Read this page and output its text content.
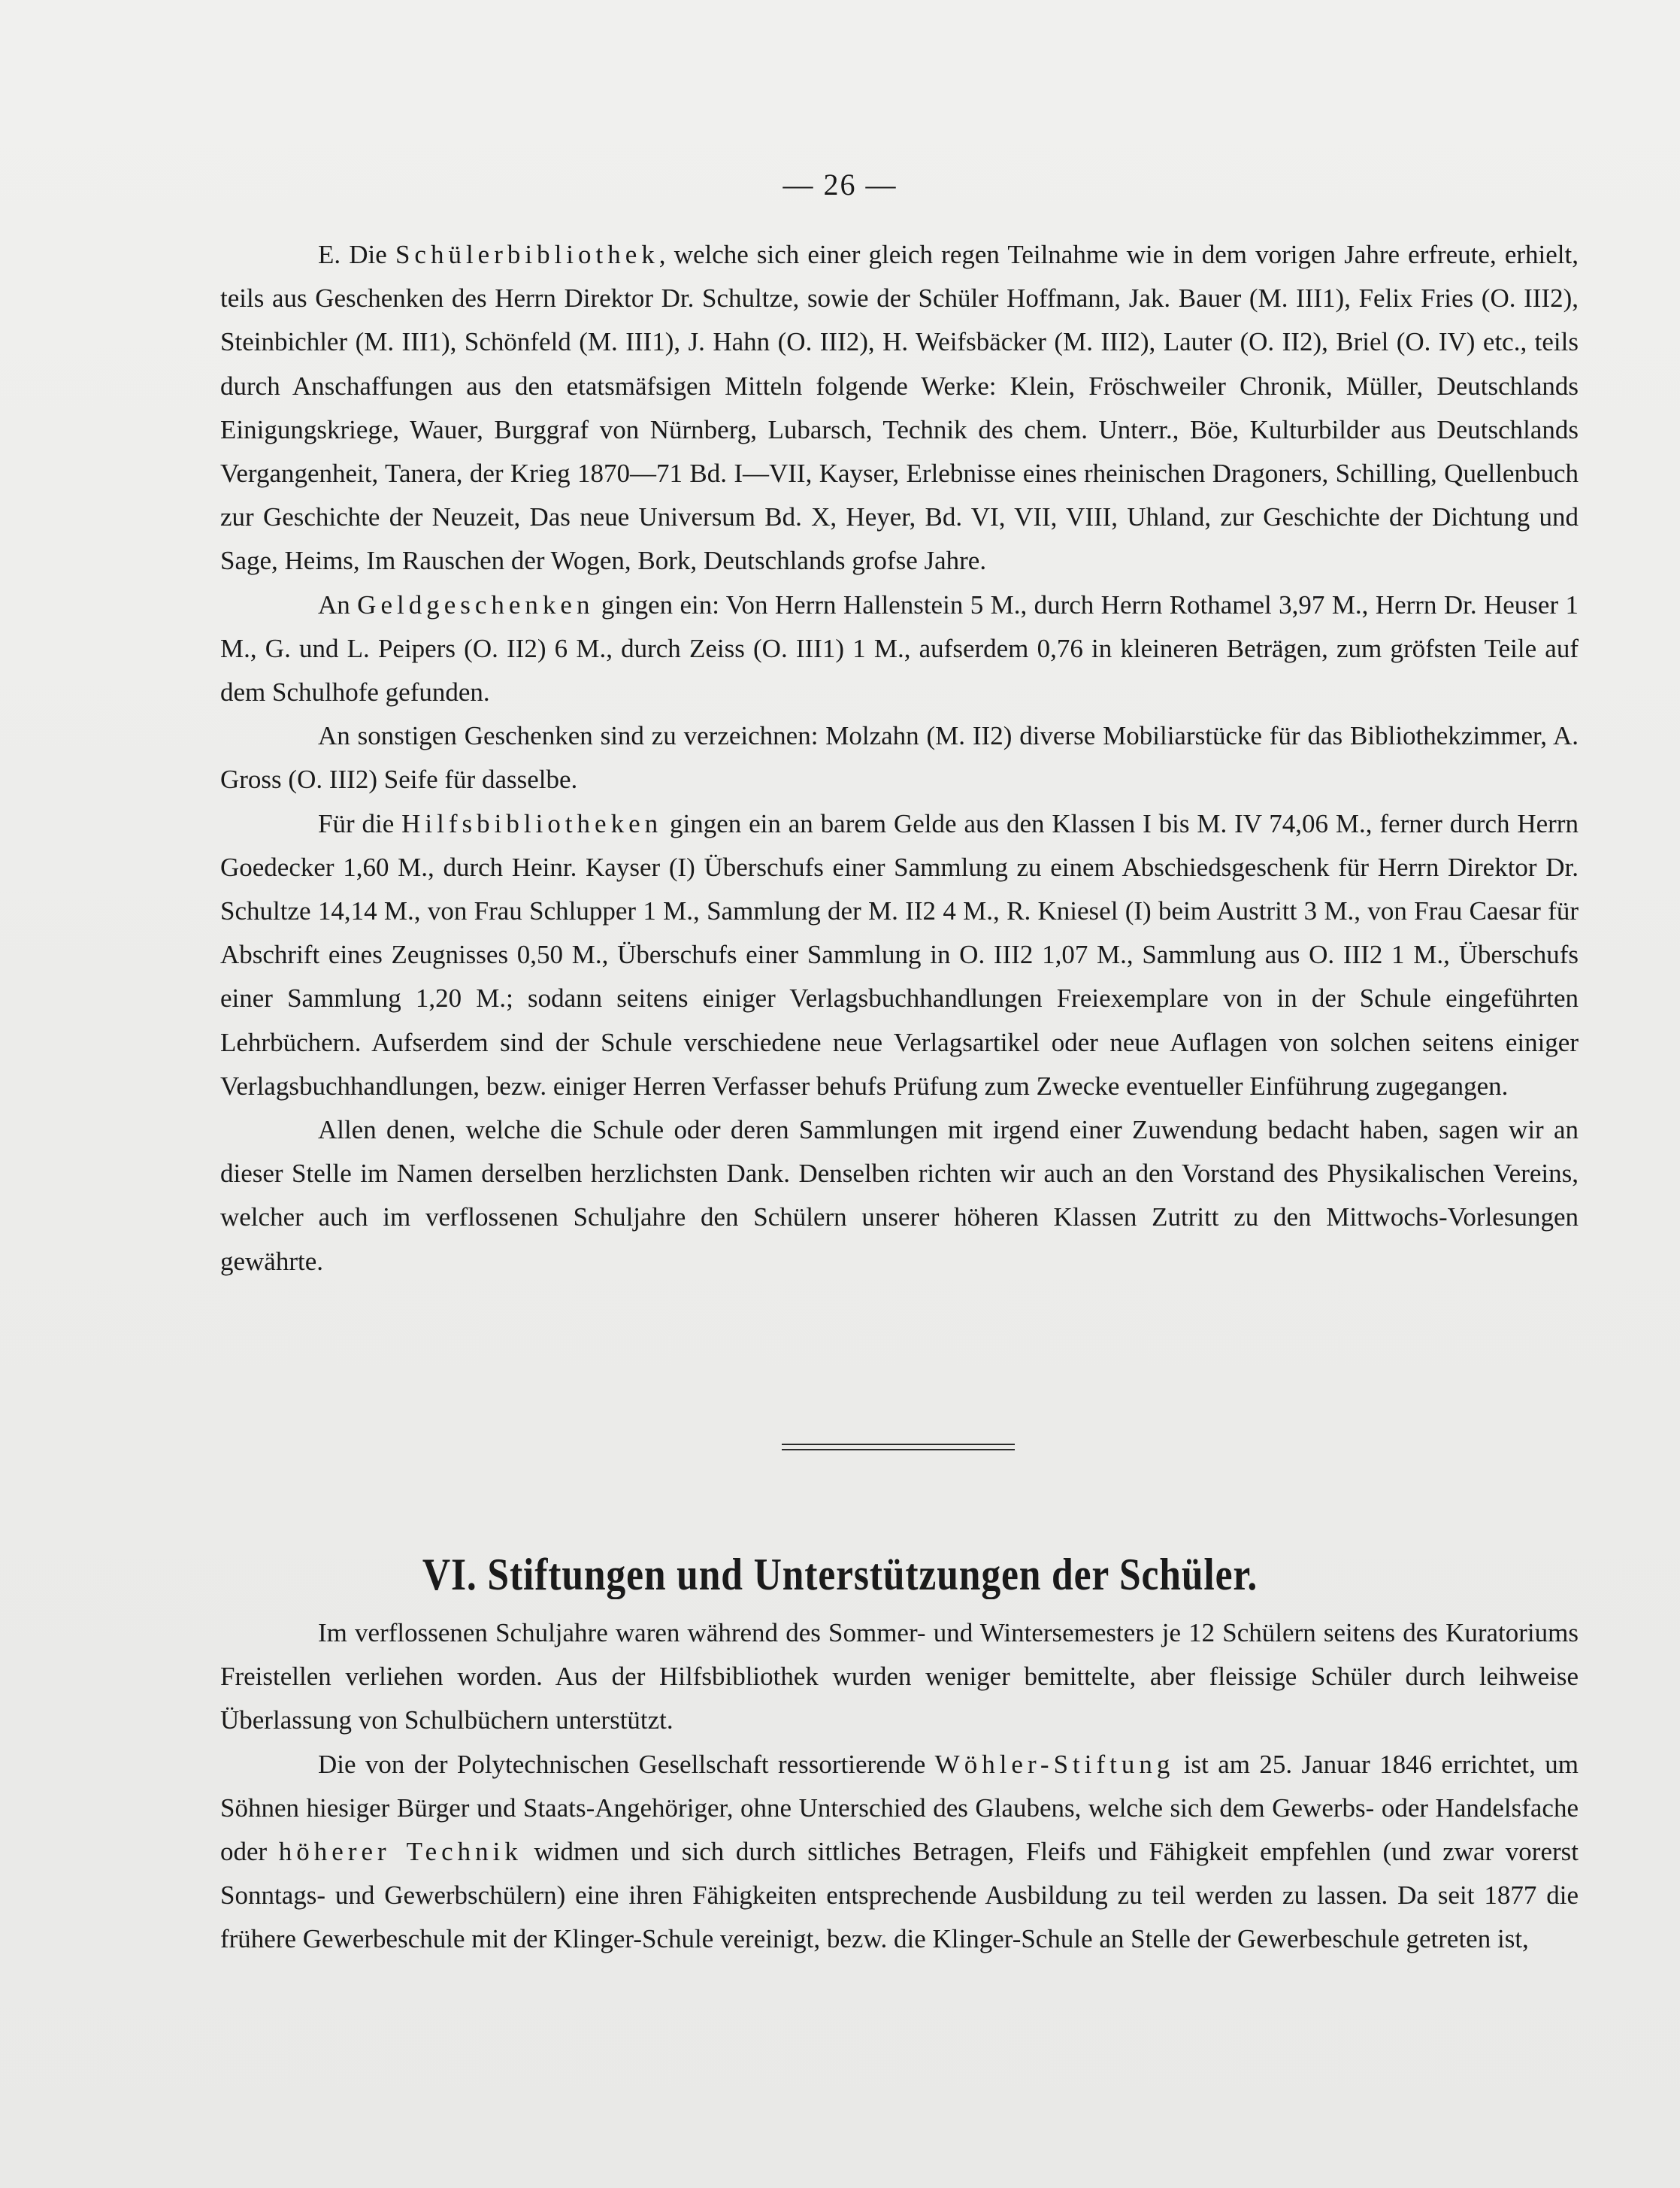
— 26 —

E. Die Schülerbibliothek, welche sich einer gleich regen Teilnahme wie in dem vorigen Jahre erfreute, erhielt, teils aus Geschenken des Herrn Direktor Dr. Schultze, sowie der Schüler Hoffmann, Jak. Bauer (M. III1), Felix Fries (O. III2), Steinbichler (M. III1), Schönfeld (M. III1), J. Hahn (O. III2), H. Weifsbäcker (M. III2), Lauter (O. II2), Briel (O. IV) etc., teils durch Anschaffungen aus den etatsmäfsigen Mitteln folgende Werke: Klein, Fröschweiler Chronik, Müller, Deutschlands Einigungskriege, Wauer, Burggraf von Nürnberg, Lubarsch, Technik des chem. Unterr., Böe, Kulturbilder aus Deutschlands Vergangenheit, Tanera, der Krieg 1870—71 Bd. I—VII, Kayser, Erlebnisse eines rheinischen Dragoners, Schilling, Quellenbuch zur Geschichte der Neuzeit, Das neue Universum Bd. X, Heyer, Bd. VI, VII, VIII, Uhland, zur Geschichte der Dichtung und Sage, Heims, Im Rauschen der Wogen, Bork, Deutschlands grofse Jahre.

An Geldgeschenken gingen ein: Von Herrn Hallenstein 5 M., durch Herrn Rothamel 3,97 M., Herrn Dr. Heuser 1 M., G. und L. Peipers (O. II2) 6 M., durch Zeiss (O. III1) 1 M., aufserdem 0,76 in kleineren Beträgen, zum gröfsten Teile auf dem Schulhofe gefunden.

An sonstigen Geschenken sind zu verzeichnen: Molzahn (M. II2) diverse Mobiliarstücke für das Bibliothekzimmer, A. Gross (O. III2) Seife für dasselbe.

Für die Hilfsbibliotheken gingen ein an barem Gelde aus den Klassen I bis M. IV 74,06 M., ferner durch Herrn Goedecker 1,60 M., durch Heinr. Kayser (I) Überschufs einer Sammlung zu einem Abschiedsgeschenk für Herrn Direktor Dr. Schultze 14,14 M., von Frau Schlupper 1 M., Sammlung der M. II2 4 M., R. Kniesel (I) beim Austritt 3 M., von Frau Caesar für Abschrift eines Zeugnisses 0,50 M., Überschufs einer Sammlung in O. III2 1,07 M., Sammlung aus O. III2 1 M., Überschufs einer Sammlung 1,20 M.; sodann seitens einiger Verlagsbuchhandlungen Freiexemplare von in der Schule eingeführten Lehrbüchern. Aufserdem sind der Schule verschiedene neue Verlagsartikel oder neue Auflagen von solchen seitens einiger Verlagsbuchhandlungen, bezw. einiger Herren Verfasser behufs Prüfung zum Zwecke eventueller Einführung zugegangen.

Allen denen, welche die Schule oder deren Sammlungen mit irgend einer Zuwendung bedacht haben, sagen wir an dieser Stelle im Namen derselben herzlichsten Dank. Denselben richten wir auch an den Vorstand des Physikalischen Vereins, welcher auch im verflossenen Schuljahre den Schülern unserer höheren Klassen Zutritt zu den Mittwochs-Vorlesungen gewährte.

VI. Stiftungen und Unterstützungen der Schüler.

Im verflossenen Schuljahre waren während des Sommer- und Wintersemesters je 12 Schülern seitens des Kuratoriums Freistellen verliehen worden. Aus der Hilfsbibliothek wurden weniger bemittelte, aber fleissige Schüler durch leihweise Überlassung von Schulbüchern unterstützt.

Die von der Polytechnischen Gesellschaft ressortierende Wöhler-Stiftung ist am 25. Januar 1846 errichtet, um Söhnen hiesiger Bürger und Staats-Angehöriger, ohne Unterschied des Glaubens, welche sich dem Gewerbs- oder Handelsfache oder höherer Technik widmen und sich durch sittliches Betragen, Fleifs und Fähigkeit empfehlen (und zwar vorerst Sonntags- und Gewerbschülern) eine ihren Fähigkeiten entsprechende Ausbildung zu teil werden zu lassen. Da seit 1877 die frühere Gewerbeschule mit der Klinger-Schule vereinigt, bezw. die Klinger-Schule an Stelle der Gewerbeschule getreten ist,
